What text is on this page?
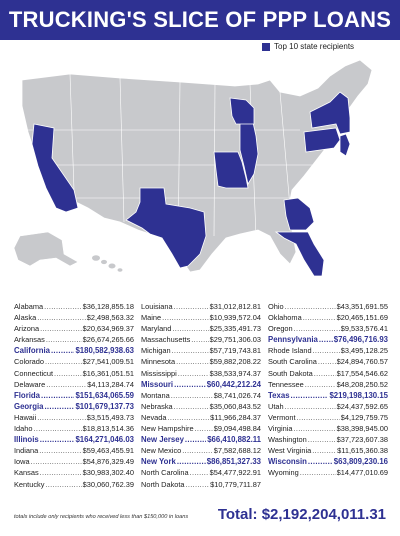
TRUCKING'S SLICE OF PPP LOANS
Top 10 state recipients
Alabama .....	$36,128,855.18
Alaska .....	$2,498,563.32
Arizona .....	$20,634,969.37
Arkansas .....	$26,674,265.66
California .....	$180,582,938.63
Colorado .....	$27,541,009.51
Connecticut .....	$16,361,051.51
Delaware .....	$4,113,284.74
Florida .....	$151,634,065.59
Georgia .....	$101,679,137.73
Hawaii .....	$3,515,493.73
Idaho .....	$18,813,514.36
Illinois .....	$164,271,046.03
Indiana .....	$59,463,455.91
Iowa .....	$54,876,329.49
Kansas .....	$30,983,302.40
Kentucky .....	$30,060,762.39
Louisiana .....	$31,012,812.81
Maine .....	$10,939,572.04
Maryland .....	$25,335,491.73
Massachusetts .....	$29,751,306.03
Michigan .....	$57,719,743.81
Minnesota .....	$59,882,208.22
Mississippi .....	$38,533,974.37
Missouri .....	$60,442,212.24
Montana .....	$8,741,026.74
Nebraska .....	$35,060,843.52
Nevada .....	$11,966,284.37
New Hampshire .....	$9,094,498.84
New Jersey .....	$66,410,882.11
New Mexico .....	$7,582,688.12
New York .....	$86,851,327.33
North Carolina .....	$54,477,922.91
North Dakota .....	$10,779,711.87
Ohio .....	$43,351,691.55
Oklahoma .....	$20,465,151.69
Oregon .....	$9,533,576.41
Pennsylvania ..... $76,496,716.93
Rhode Island .....	$3,495,128.25
South Carolina .....	$24,894,760.57
South Dakota .....	$17,554,546.62
Tennessee .....	$48,208,250.52
Texas .....	$219,198,130.15
Utah .....	$24,437,592.65
Vermont .....	$4,129,759.75
Virginia .....	$38,398,945.00
Washington .....	$37,723,607.38
West Virginia .....	$11,615,360.38
Wisconsin .....	$63,809,230.16
Wyoming .....	$14,477,010.69
totals include only recipients who received less than $150,000 in loans Total: $2,192,204,011.31
